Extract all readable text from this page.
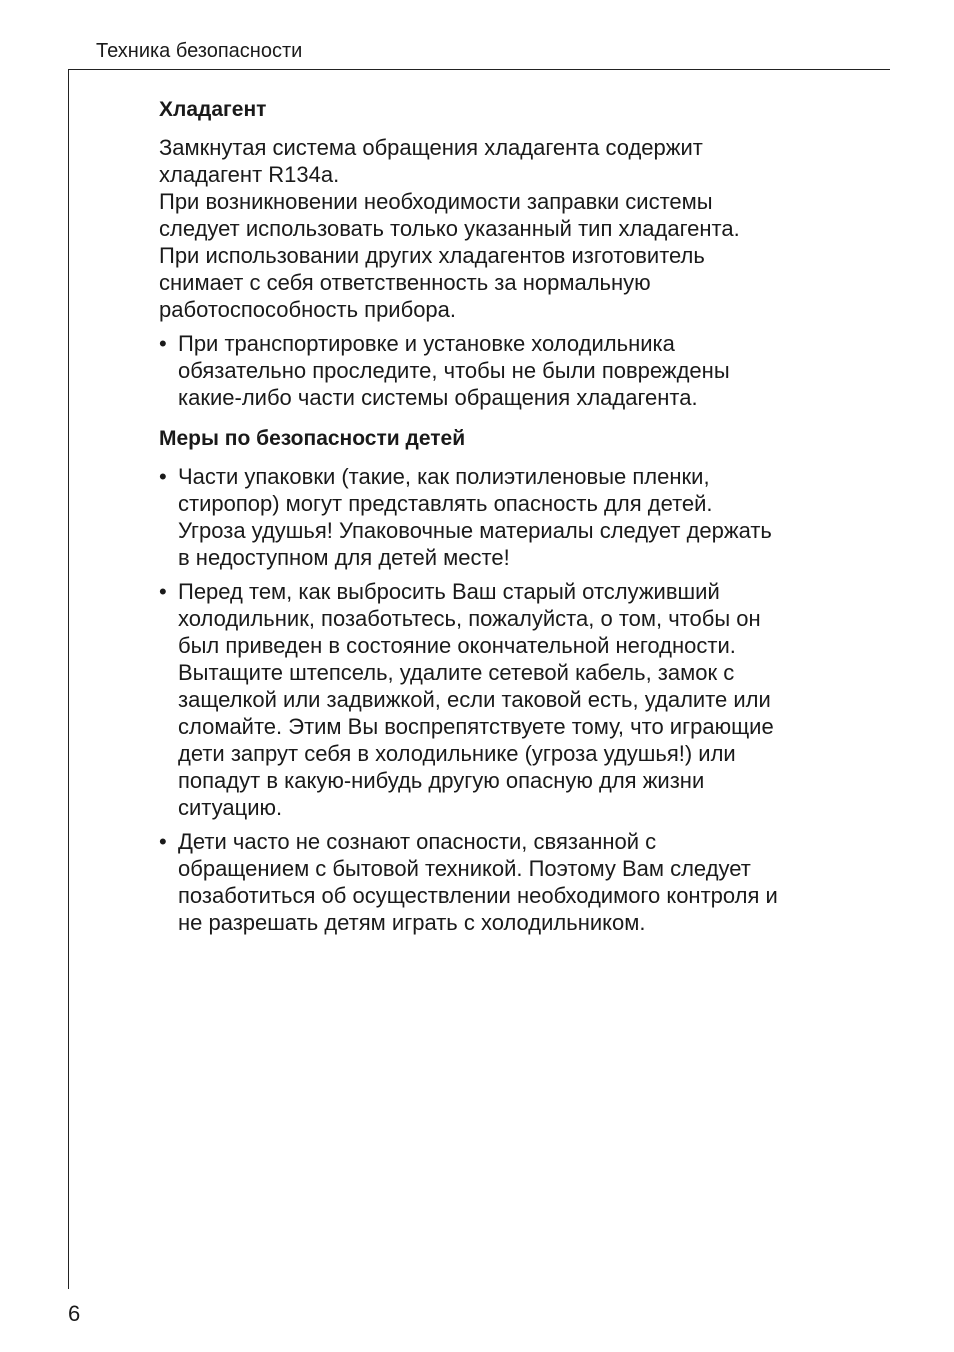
Техника безопасности
Хладагент

Замкнутая система обращения хладагента содержит
хладагент R134a.
При возникновении необходимости заправки системы
следует использовать только указанный тип хладагента.
При использовании других хладагентов изготовитель
снимает с себя ответственность за нормальную
работоспособность прибора.

• При транспортировке и установке холодильника
обязательно проследите, чтобы не были повреждены
какие-либо части системы обращения хладагента.
Меры по безопасности детей
• Части упаковки (такие, как полиэтиленовые пленки,
стиропор) могут представлять опасность для детей.
Угроза удушья! Упаковочные материалы следует держать
в недоступном для детей месте!
• Перед тем, как выбросить Ваш старый отслуживший
холодильник, позаботьтесь, пожалуйста, о том, чтобы он
был приведен в состояние окончательной негодности.
Вытащите штепсель, удалите сетевой кабель, замок с
защелкой или задвижкой, если таковой есть, удалите или
сломайте. Этим Вы воспрепятствуете тому, что играющие
дети запрут себя в холодильнике (угроза удушья!) или
попадут в какую-нибудь другую опасную для жизни
ситуацию.
• Дети часто не сознают опасности, связанной с
обращением с бытовой техникой. Поэтому Вам следует
позаботиться об осуществлении необходимого контроля и
не разрешать детям играть с холодильником.
6
